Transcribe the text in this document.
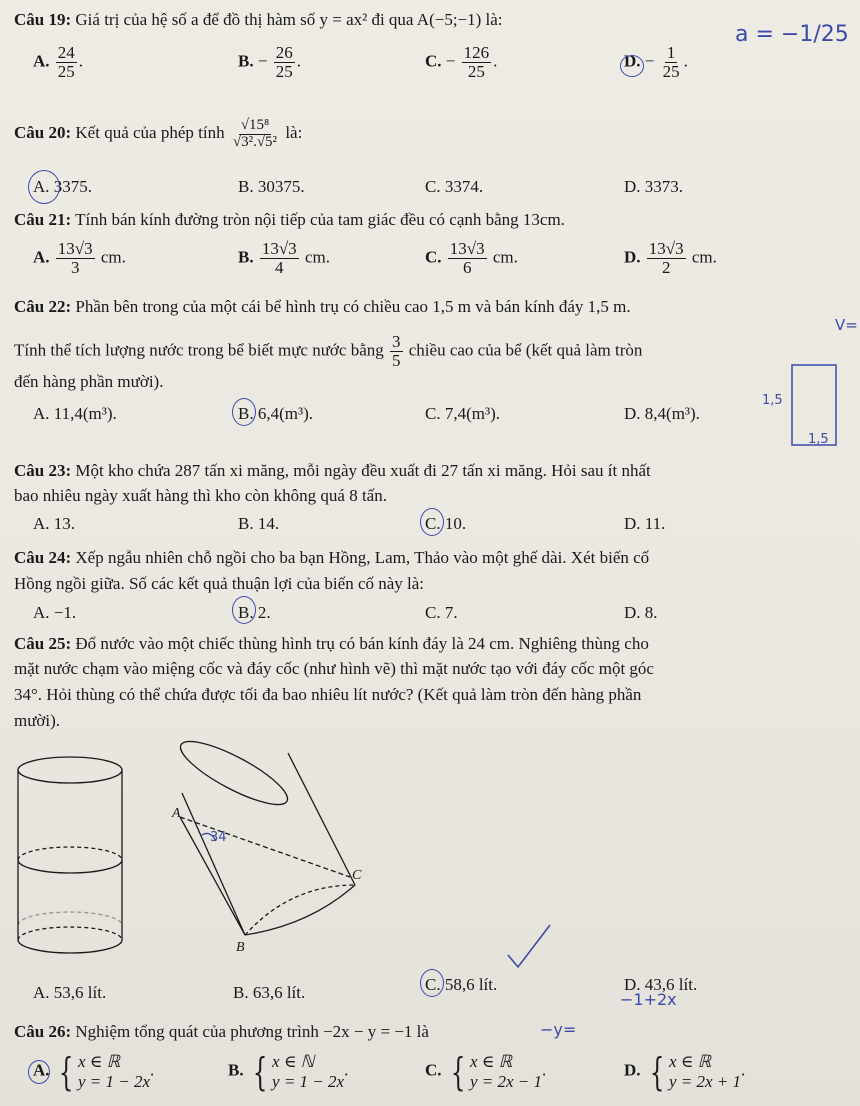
Câu 19: Giá trị của hệ số a để đồ thị hàm số y = ax² đi qua A(−5;−1) là:
A. $\frac{24}{25}$ .	B. − $\frac{26}{25}$ .	C. − $\frac{126}{25}$ .	D. − $\frac{1}{25}$ .
a = −1/25
Câu 20: Kết quả của phép tính $\frac{\text{√15⁸}}{\text{√3².√5²}}$ là:
A. 3375.	B. 30375.	C. 3374.	D. 3373.
Câu 21: Tính bán kính đường tròn nội tiếp của tam giác đều có cạnh bằng 13cm.
A. $\frac{13√3}{3}$ cm.	B. $\frac{13√3}{4}$ cm.	C. $\frac{13√3}{6}$ cm.	D. $\frac{13√3}{2}$ cm.
Câu 22: Phần bên trong của một cái bể hình trụ có chiều cao 1,5 m và bán kính đáy 1,5 m.
Tính thể tích lượng nước trong bể biết mực nước bằng $\frac{3}{5}$ chiều cao của bể (kết quả làm tròn
đến hàng phần mười).
A. 11,4(m³).	B. 6,4(m³).	C. 7,4(m³).	D. 8,4(m³).
1,5
1,5
V=
Câu 23: Một kho chứa 287 tấn xi măng, mỗi ngày đều xuất đi 27 tấn xi măng. Hỏi sau ít nhất
bao nhiêu ngày xuất hàng thì kho còn không quá 8 tấn.
A. 13.	B. 14.	C. 10.	D. 11.
Câu 24: Xếp ngẫu nhiên chỗ ngồi cho ba bạn Hồng, Lam, Thảo vào một ghế dài. Xét biến cố
Hồng ngồi giữa. Số các kết quả thuận lợi của biến cố này là:
A. −1.	B. 2.	C. 7.	D. 8.
Câu 25: Đổ nước vào một chiếc thùng hình trụ có bán kính đáy là 24 cm. Nghiêng thùng cho
mặt nước chạm vào miệng cốc và đáy cốc (như hình vẽ) thì mặt nước tạo với đáy cốc một góc
34°. Hỏi thùng có thể chứa được tối đa bao nhiêu lít nước? (Kết quả làm tròn đến hàng phần
mười).
A
C
B
34
A. 53,6 lít.	B. 63,6 lít.	C. 58,6 lít.	D. 43,6 lít.
Câu 26: Nghiệm tổng quát của phương trình −2x − y = −1 là	−y=
−1+2x
A. { x ∈ ℝ
y = 1 − 2x
.	B. { x ∈ ℕ
y = 1 − 2x
.	C. { x ∈ ℝ
y = 2x − 1
.	D. { x ∈ ℝ
y = 2x + 1
.
